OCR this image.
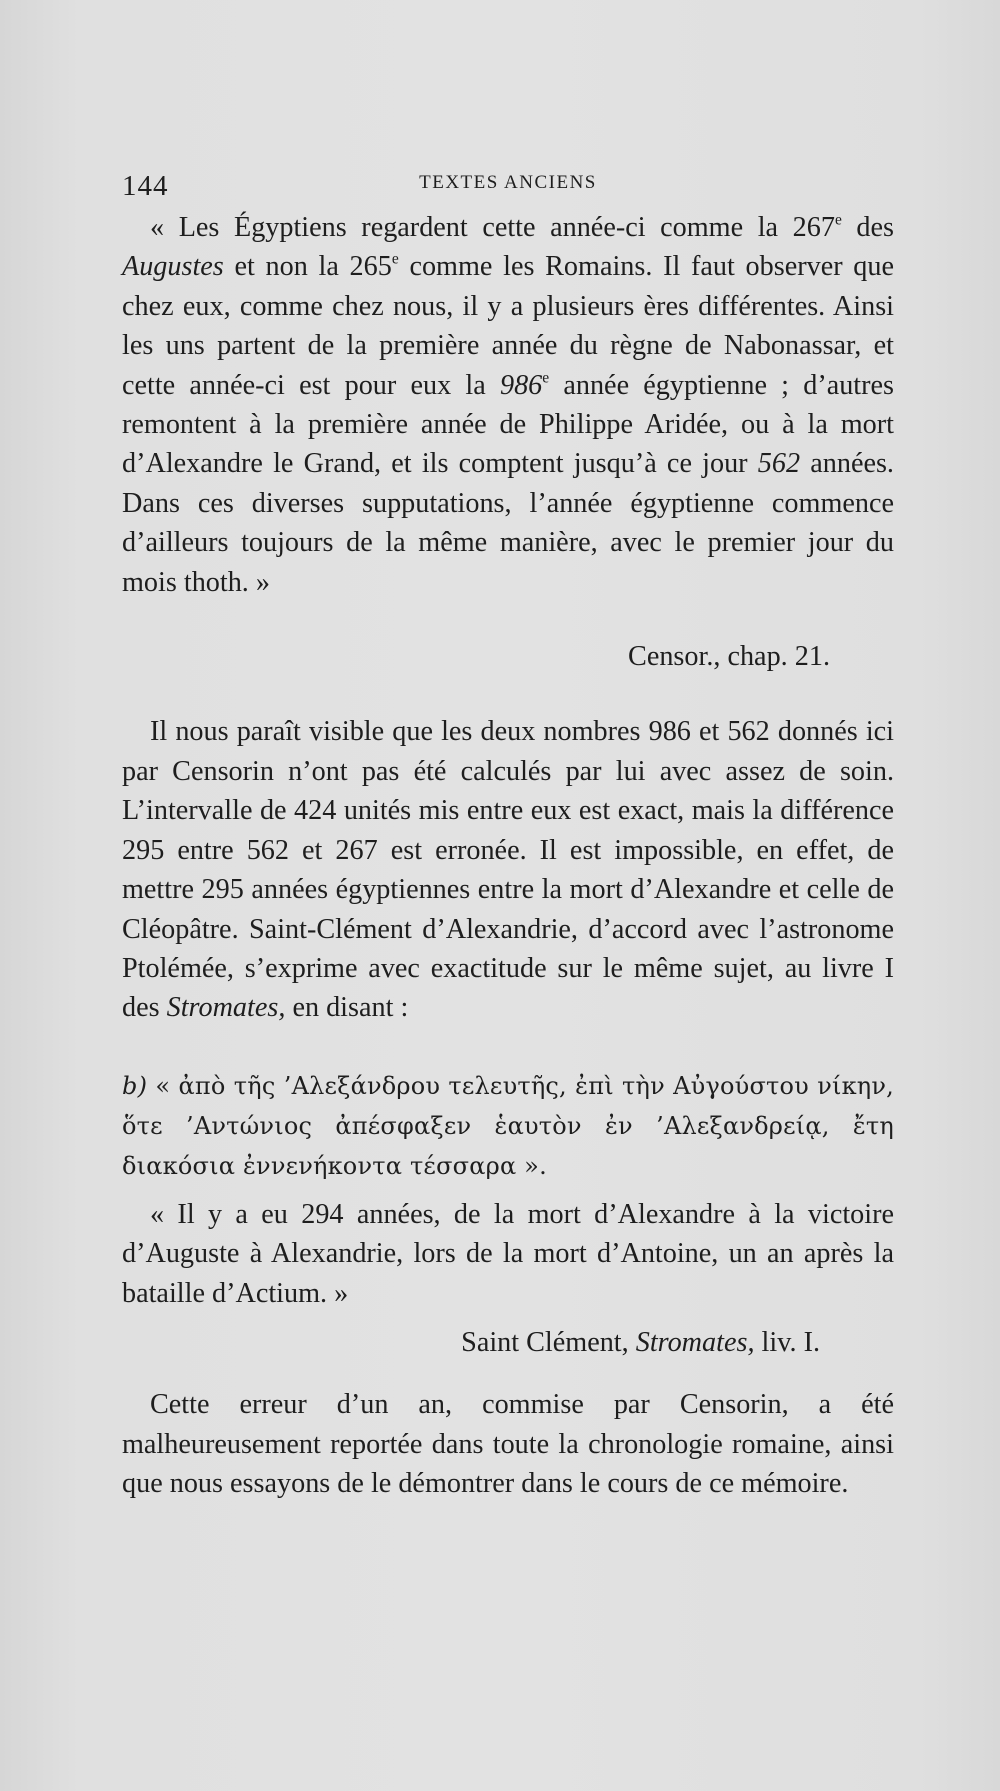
144	TEXTES ANCIENS

« Les Égyptiens regardent cette année-ci comme la 267e des Augustes et non la 265e comme les Romains. Il faut observer que chez eux, comme chez nous, il y a plusieurs ères différentes. Ainsi les uns partent de la première année du règne de Nabonassar, et cette année-ci est pour eux la 986e année égyptienne ; d’autres remontent à la première année de Philippe Aridée, ou à la mort d’Alexandre le Grand, et ils comptent jusqu’à ce jour 562 années. Dans ces diverses supputations, l’année égyptienne commence d’ailleurs toujours de la même manière, avec le premier jour du mois thoth. »

Censor., chap. 21.

Il nous paraît visible que les deux nombres 986 et 562 donnés ici par Censorin n’ont pas été calculés par lui avec assez de soin. L’intervalle de 424 unités mis entre eux est exact, mais la différence 295 entre 562 et 267 est erronée. Il est impossible, en effet, de mettre 295 années égyptiennes entre la mort d’Alexandre et celle de Cléopâtre. Saint-Clément d’Alexandrie, d’accord avec l’astronome Ptolémée, s’exprime avec exactitude sur le même sujet, au livre I des Stromates, en disant :

b) « ἀπὸ τῆς ’Αλεξάνδρου τελευτῆς, ἐπὶ τὴν Αὐγούστου νίκην, ὅτε ’Αντώνιος ἀπέσφαξεν ἑαυτὸν ἐν ’Αλεξανδρείᾳ, ἔτη διακόσια ἐννενήκοντα τέσσαρα ».

« Il y a eu 294 années, de la mort d’Alexandre à la victoire d’Auguste à Alexandrie, lors de la mort d’Antoine, un an après la bataille d’Actium. »

Saint Clément, Stromates, liv. I.

Cette erreur d’un an, commise par Censorin, a été malheureusement reportée dans toute la chronologie romaine, ainsi que nous essayons de le démontrer dans le cours de ce mémoire.
